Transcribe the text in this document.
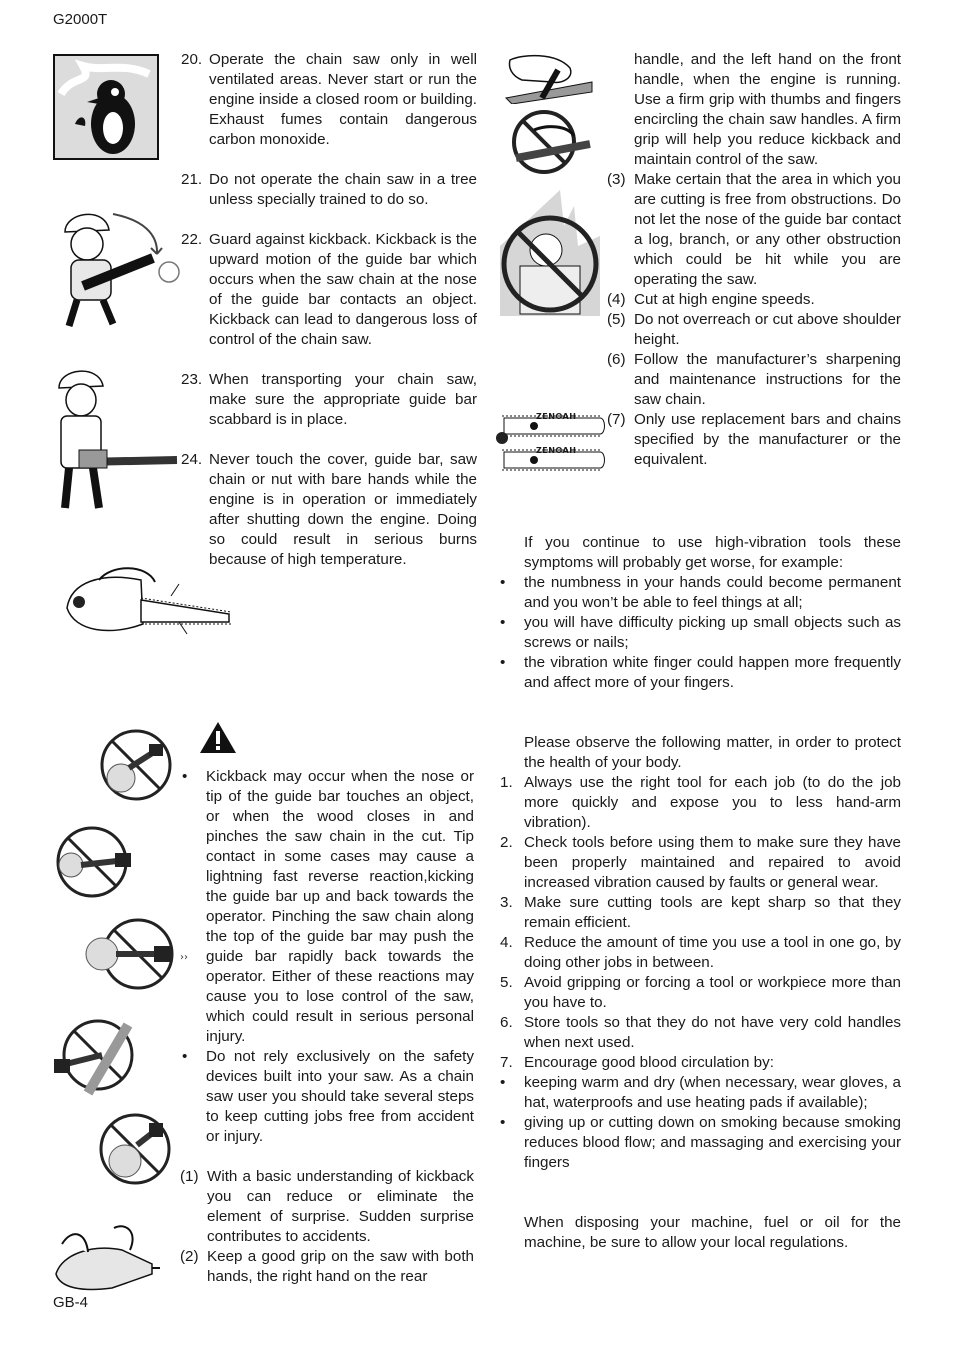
G2000T
GB-4
››
ZENOAH
ZENOAH
20. Operate the chain saw only in well ventilated areas. Never start or run the engine inside a closed room or building. Exhaust fumes contain dangerous carbon monoxide.
21. Do not operate the chain saw in a tree unless specially trained to do so.
22. Guard against kickback. Kickback is the upward motion of the guide bar which occurs when the saw chain at the nose of the guide bar contacts an object. Kickback can lead to dangerous loss of control of the chain saw.
23. When transporting your chain saw, make sure the appropriate guide bar scabbard is in place.
24. Never touch the cover, guide bar, saw chain or nut with bare hands while the engine is in operation or immediately after shutting down the engine. Doing so could result in serious burns because of high temperature.
• Kickback may occur when the nose or tip of the guide bar touches an object, or when the wood closes in and pinches the saw chain in the cut. Tip contact in some cases may cause a lightning fast reverse reaction,kicking the guide bar up and back towards the operator. Pinching the saw chain along the top of the guide bar may push the guide bar rapidly back towards the operator. Either of these reactions may cause you to lose control of the saw, which could result in serious personal injury.
• Do not rely exclusively on the safety devices built into your saw. As a chain saw user you should take several steps to keep cutting jobs free from accident or injury.
(1) With a basic understanding of kickback you can reduce or eliminate the element of surprise. Sudden surprise contributes to accidents.
(2) Keep a good grip on the saw with both hands, the right hand on the rear
handle, and the left hand on the front handle, when the engine is running. Use a firm grip with thumbs and fingers encircling the chain saw handles. A firm grip will help you reduce kickback and maintain control of the saw.
(3) Make certain that the area in which you are cutting is free from obstructions. Do not let the nose of the guide bar contact a log, branch, or any other obstruction which could be hit while you are operating the saw.
(4) Cut at high engine speeds.
(5) Do not overreach or cut above shoulder height.
(6) Follow the manufacturer’s sharpening and maintenance instructions for the saw chain.
(7) Only use replacement bars and chains specified by the manufacturer or the equivalent.
If you continue to use high-vibration tools these symptoms will probably get worse, for example:
• the numbness in your hands could become permanent and you won’t be able to feel things at all;
• you will have difficulty picking up small objects such as screws or nails;
• the vibration white finger could happen more frequently and affect more of your fingers.
Please observe the following matter, in order to protect the health of your body.
1. Always use the right tool for each job (to do the job more quickly and expose you to less hand-arm vibration).
2. Check tools before using them to make sure they have been properly maintained and repaired to avoid increased vibration caused by faults or general wear.
3. Make sure cutting tools are kept sharp so that they remain efficient.
4. Reduce the amount of time you use a tool in one go, by doing other jobs in between.
5. Avoid gripping or forcing a tool or workpiece more than you have to.
6. Store tools so that they do not have very cold handles when next used.
7. Encourage good blood circulation by:
• keeping warm and dry (when necessary, wear gloves, a hat, waterproofs and use heating pads if available);
• giving up or cutting down on smoking because smoking reduces blood flow; and massaging and exercising your fingers
When disposing your machine, fuel or oil for the machine, be sure to allow your local regulations.
